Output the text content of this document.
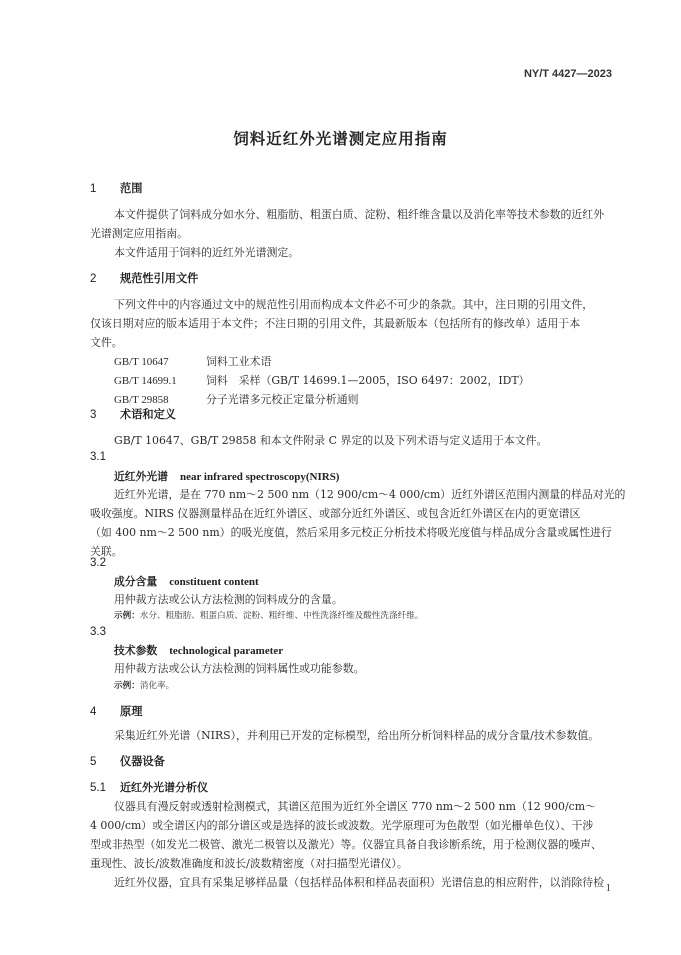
NY/T 4427—2023
饲料近红外光谱测定应用指南
1 范围
本文件提供了饲料成分如水分、粗脂肪、粗蛋白质、淀粉、粗纤维含量以及消化率等技术参数的近红外
光谱测定应用指南。
本文件适用于饲料的近红外光谱测定。
2 规范性引用文件
下列文件中的内容通过文中的规范性引用而构成本文件必不可少的条款。其中，注日期的引用文件，
仅该日期对应的版本适用于本文件；不注日期的引用文件，其最新版本（包括所有的修改单）适用于本
文件。
GB/T 10647	饲料工业术语
GB/T 14699.1	饲料　采样（GB/T 14699.1—2005，ISO 6497：2002，IDT）
GB/T 29858	分子光谱多元校正定量分析通则
3 术语和定义
GB/T 10647、GB/T 29858 和本文件附录 C 界定的以及下列术语与定义适用于本文件。
3.1
近红外光谱 near infrared spectroscopy(NIRS)
近红外光谱，是在 770 nm～2 500 nm（12 900/cm～4 000/cm）近红外谱区范围内测量的样品对光的
吸收强度。NIRS 仪器测量样品在近红外谱区、或部分近红外谱区、或包含近红外谱区在内的更宽谱区
（如 400 nm～2 500 nm）的吸光度值，然后采用多元校正分析技术将吸光度值与样品成分含量或属性进行
关联。
3.2
成分含量 constituent content
用仲裁方法或公认方法检测的饲料成分的含量。
示例：水分、粗脂肪、粗蛋白质、淀粉、粗纤维、中性洗涤纤维及酸性洗涤纤维。
3.3
技术参数 technological parameter
用仲裁方法或公认方法检测的饲料属性或功能参数。
示例：消化率。
4 原理
采集近红外光谱（NIRS），并利用已开发的定标模型，给出所分析饲料样品的成分含量/技术参数值。
5 仪器设备
5.1 近红外光谱分析仪
仪器具有漫反射或透射检测模式，其谱区范围为近红外全谱区 770 nm～2 500 nm（12 900/cm～
4 000/cm）或全谱区内的部分谱区或是选择的波长或波数。光学原理可为色散型（如光栅单色仪）、干涉
型或非热型（如发光二极管、激光二极管以及激光）等。仪器宜具备自我诊断系统，用于检测仪器的噪声、
重现性、波长/波数准确度和波长/波数精密度（对扫描型光谱仪）。
近红外仪器，宜具有采集足够样品量（包括样品体积和样品表面积）光谱信息的相应附件，以消除待检 1
